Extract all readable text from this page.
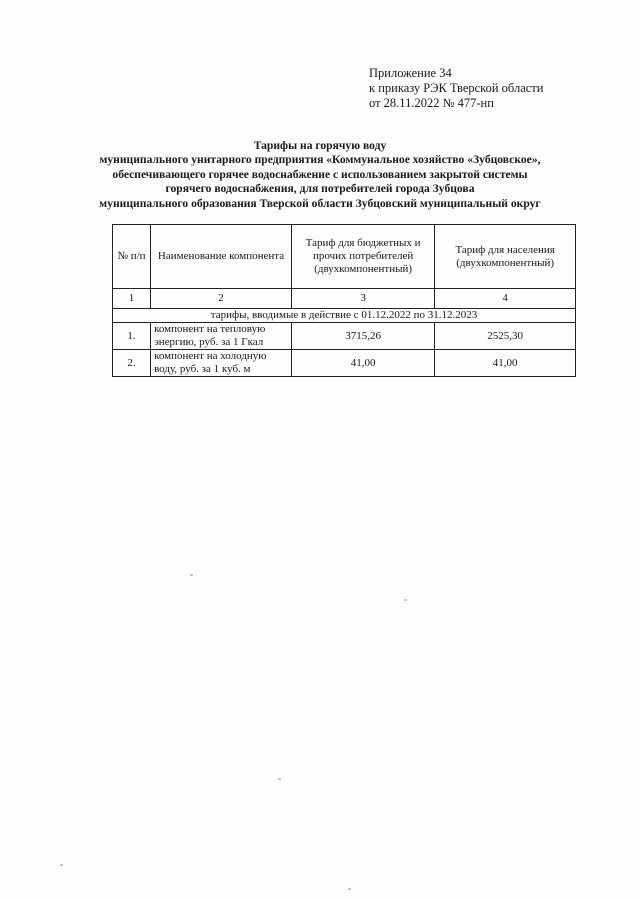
Приложение 34
к приказу РЭК Тверской области
от 28.11.2022 № 477-нп
Тарифы на горячую воду
муниципального унитарного предприятия «Коммунальное хозяйство «Зубцовское»,
обеспечивающего горячее водоснабжение с использованием закрытой системы
горячего водоснабжения, для потребителей города Зубцова
муниципального образования Тверской области Зубцовский муниципальный округ
№ п/п	Наименование компонента	Тариф для бюджетных и прочих потребителей (двухкомпонентный)	Тариф для населения (двухкомпонентный)
1	2	3	4
тарифы, вводимые в действие с 01.12.2022 по 31.12.2023			
1.	компонент на тепловую энергию, руб. за 1 Гкал	3715,26	2525,30
2.	компонент на холодную воду, руб. за 1 куб. м	41,00	41,00
